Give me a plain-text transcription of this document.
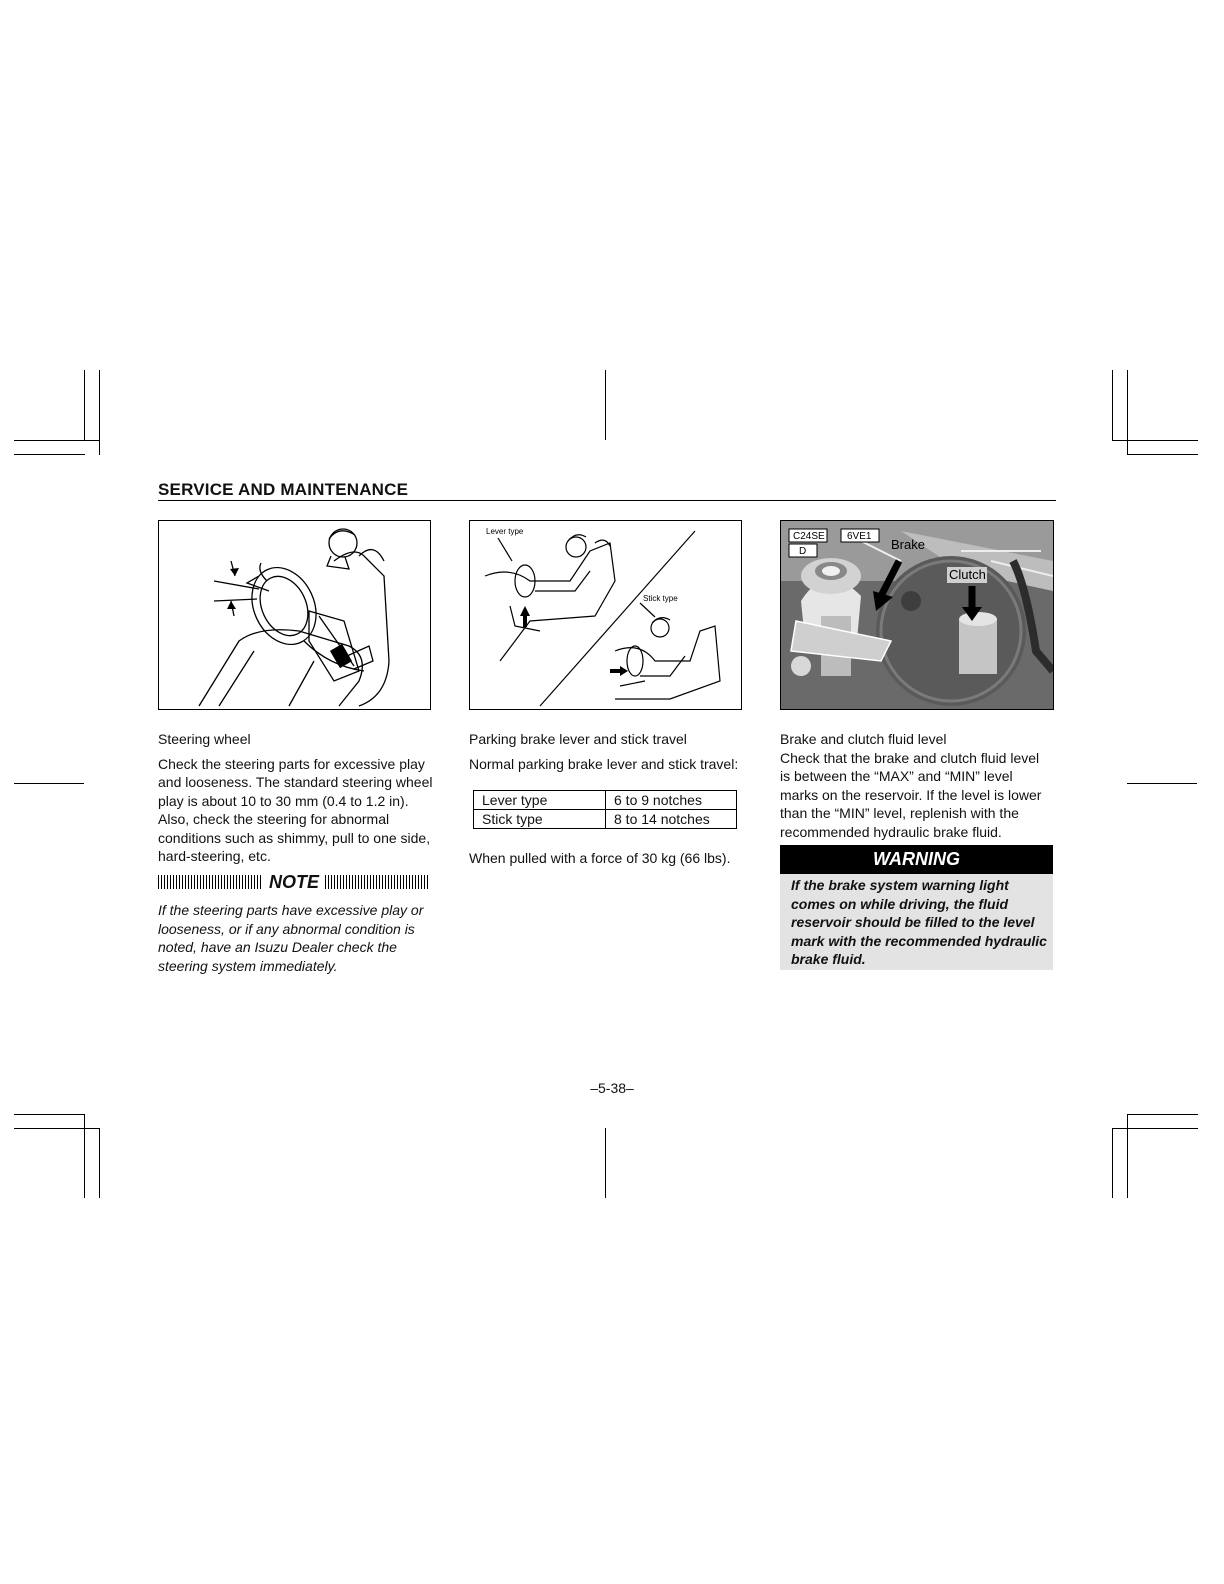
SERVICE AND MAINTENANCE
Lever type
Stick type
C24SE 6VE1
D	Brake
Clutch

Steering wheel

Check the steering parts for excessive play and looseness. The standard steering wheel play is about 10 to 30 mm (0.4 to 1.2 in). Also, check the steering for abnormal conditions such as shimmy, pull to one side, hard-steering, etc.

NOTE
If the steering parts have excessive play or looseness, or if any abnormal condition is noted, have an Isuzu Dealer check the steering system immediately.

Parking brake lever and stick travel

Normal parking brake lever and stick travel:

Lever type	6 to 9 notches
Stick type	8 to 14 notches
When pulled with a force of 30 kg (66 lbs).

Brake and clutch fluid level

Check that the brake and clutch fluid level is between the “MAX” and “MIN” level marks on the reservoir. If the level is lower than the “MIN” level, replenish with the recommended hydraulic brake fluid.

WARNING
If the brake system warning light comes on while driving, the fluid reservoir should be filled to the level mark with the recommended hydraulic brake fluid.
–5-38–
